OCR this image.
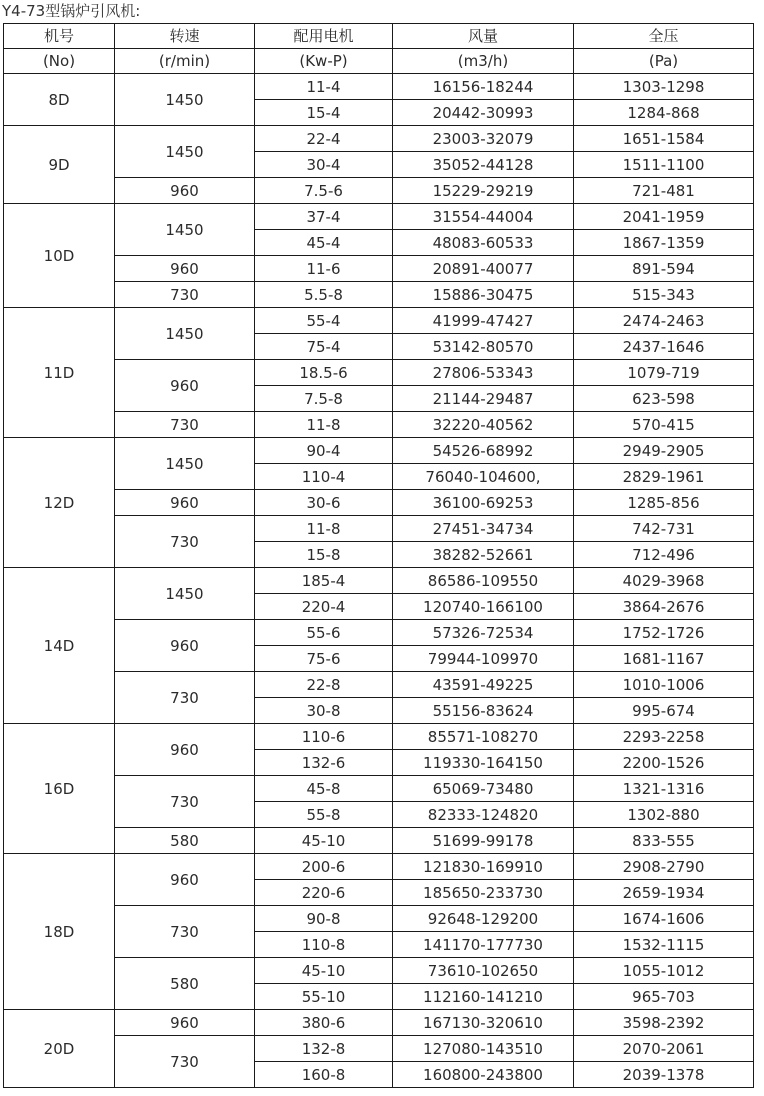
Y4-73型锅炉引风机:
机号	转速	配用电机	风量	全压
(No)	(r/min)	(Kw-P)	(m3/h)	(Pa)
8D	1450	11-4	16156-18244	1303-1298
		15-4	20442-30993	1284-868
9D	1450	22-4	23003-32079	1651-1584
		30-4	35052-44128	1511-1100
	960	7.5-6	15229-29219	721-481
10D	1450	37-4	31554-44004	2041-1959
		45-4	48083-60533	1867-1359
	960	11-6	20891-40077	891-594
	730	5.5-8	15886-30475	515-343
11D	1450	55-4	41999-47427	2474-2463
		75-4	53142-80570	2437-1646
	960	18.5-6	27806-53343	1079-719
		7.5-8	21144-29487	623-598
	730	11-8	32220-40562	570-415
12D	1450	90-4	54526-68992	2949-2905
		110-4	76040-104600,	2829-1961
	960	30-6	36100-69253	1285-856
	730	11-8	27451-34734	742-731
		15-8	38282-52661	712-496
14D	1450	185-4	86586-109550	4029-3968
		220-4	120740-166100	3864-2676
	960	55-6	57326-72534	1752-1726
		75-6	79944-109970	1681-1167
	730	22-8	43591-49225	1010-1006
		30-8	55156-83624	995-674
16D	960	110-6	85571-108270	2293-2258
		132-6	119330-164150	2200-1526
	730	45-8	65069-73480	1321-1316
		55-8	82333-124820	1302-880
	580	45-10	51699-99178	833-555
18D	960	200-6	121830-169910	2908-2790
		220-6	185650-233730	2659-1934
	730	90-8	92648-129200	1674-1606
		110-8	141170-177730	1532-1115
	580	45-10	73610-102650	1055-1012
		55-10	112160-141210	965-703
20D	960	380-6	167130-320610	3598-2392
	730	132-8	127080-143510	2070-2061
		160-8	160800-243800	2039-1378
